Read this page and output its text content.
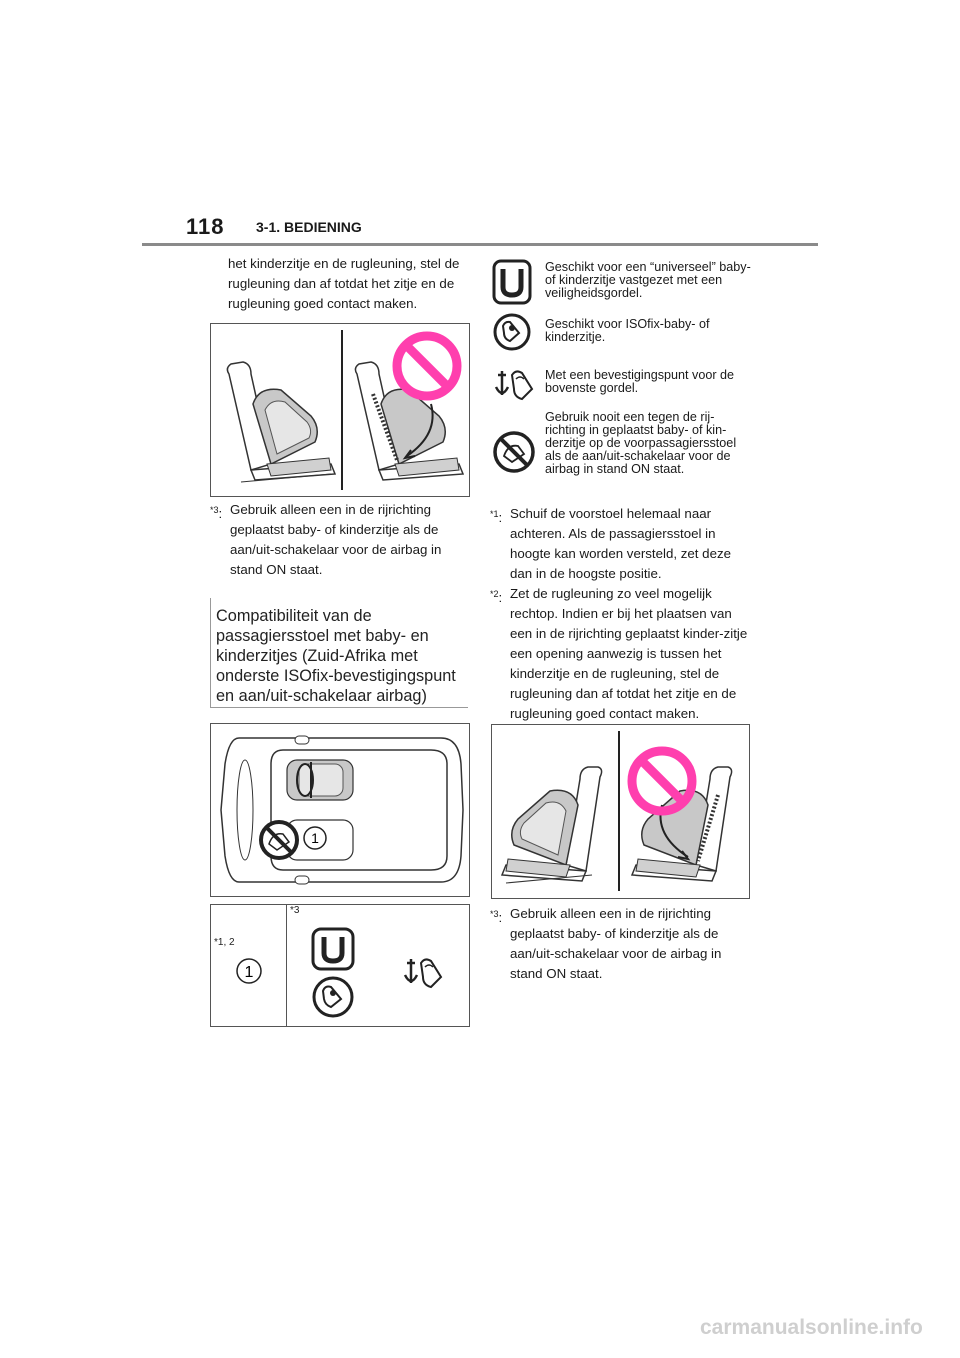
118 3-1. BEDIENING
het kinderzitje en de rugleuning, stel de rugleuning dan af totdat het zitje en de rugleuning goed contact maken.
$^{*3}$: Gebruik alleen een in de rijrichting geplaatst baby- of kinderzitje als de aan/uit-schakelaar voor de airbag in stand ON staat.
Compatibiliteit van de passagiersstoel met baby- en kinderzitjes (Zuid-Afrika met onderste ISOfix-bevestigingspunt en aan/uit-schakelaar airbag)
1
*1, 2
1
*3
Geschikt voor een “universeel” baby- of kinderzitje vastgezet met een veiligheidsgordel.
Geschikt voor ISOfix-baby- of kinderzitje.
Met een bevestigingspunt voor de bovenste gordel.
Gebruik nooit een tegen de rij-richting in geplaatst baby- of kin-derzitje op de voorpassagiersstoel als de aan/uit-schakelaar voor de airbag in stand ON staat.
$^{*1}$: Schuif de voorstoel helemaal naar achteren. Als de passagiersstoel in hoogte kan worden versteld, zet deze dan in de hoogste positie.
$^{*2}$: Zet de rugleuning zo veel mogelijk rechtop. Indien er bij het plaatsen van een in de rijrichting geplaatst kinder-zitje een opening aanwezig is tussen het kinderzitje en de rugleuning, stel de rugleuning dan af totdat het zitje en de rugleuning goed contact maken.
$^{*3}$: Gebruik alleen een in de rijrichting geplaatst baby- of kinderzitje als de aan/uit-schakelaar voor de airbag in stand ON staat.
carmanualsonline.info
